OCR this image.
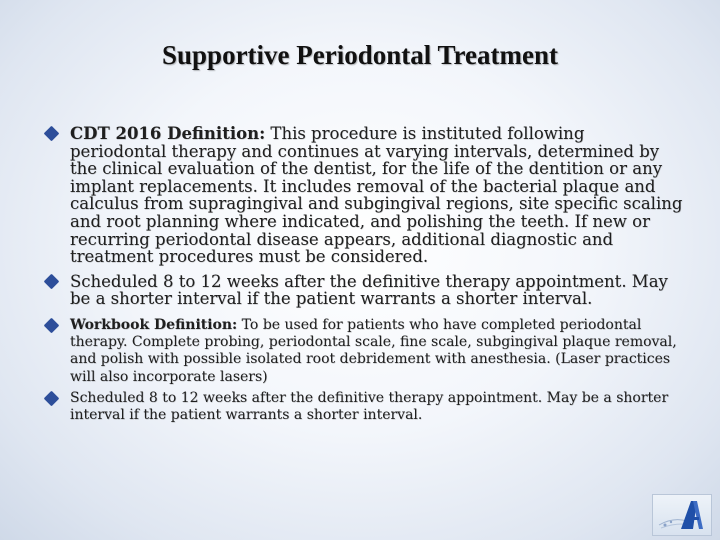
Supportive Periodontal Treatment
CDT 2016 Definition: This procedure is instituted following periodontal therapy and continues at varying intervals, determined by the clinical evaluation of the dentist, for the life of the dentition or any implant replacements. It includes removal of the bacterial plaque and calculus from supragingival and subgingival regions, site specific scaling and root planning where indicated, and polishing the teeth. If new or recurring periodontal disease appears, additional diagnostic and treatment procedures must be considered.
Scheduled 8 to 12 weeks after the definitive therapy appointment. May be a shorter interval if the patient warrants a shorter interval.
Workbook Definition: To be used for patients who have completed periodontal therapy. Complete probing, periodontal scale, fine scale, subgingival plaque removal, and polish with possible isolated root debridement with anesthesia. (Laser practices will also incorporate lasers)
Scheduled 8 to 12 weeks after the definitive therapy appointment. May be a shorter interval if the patient warrants a shorter interval.
